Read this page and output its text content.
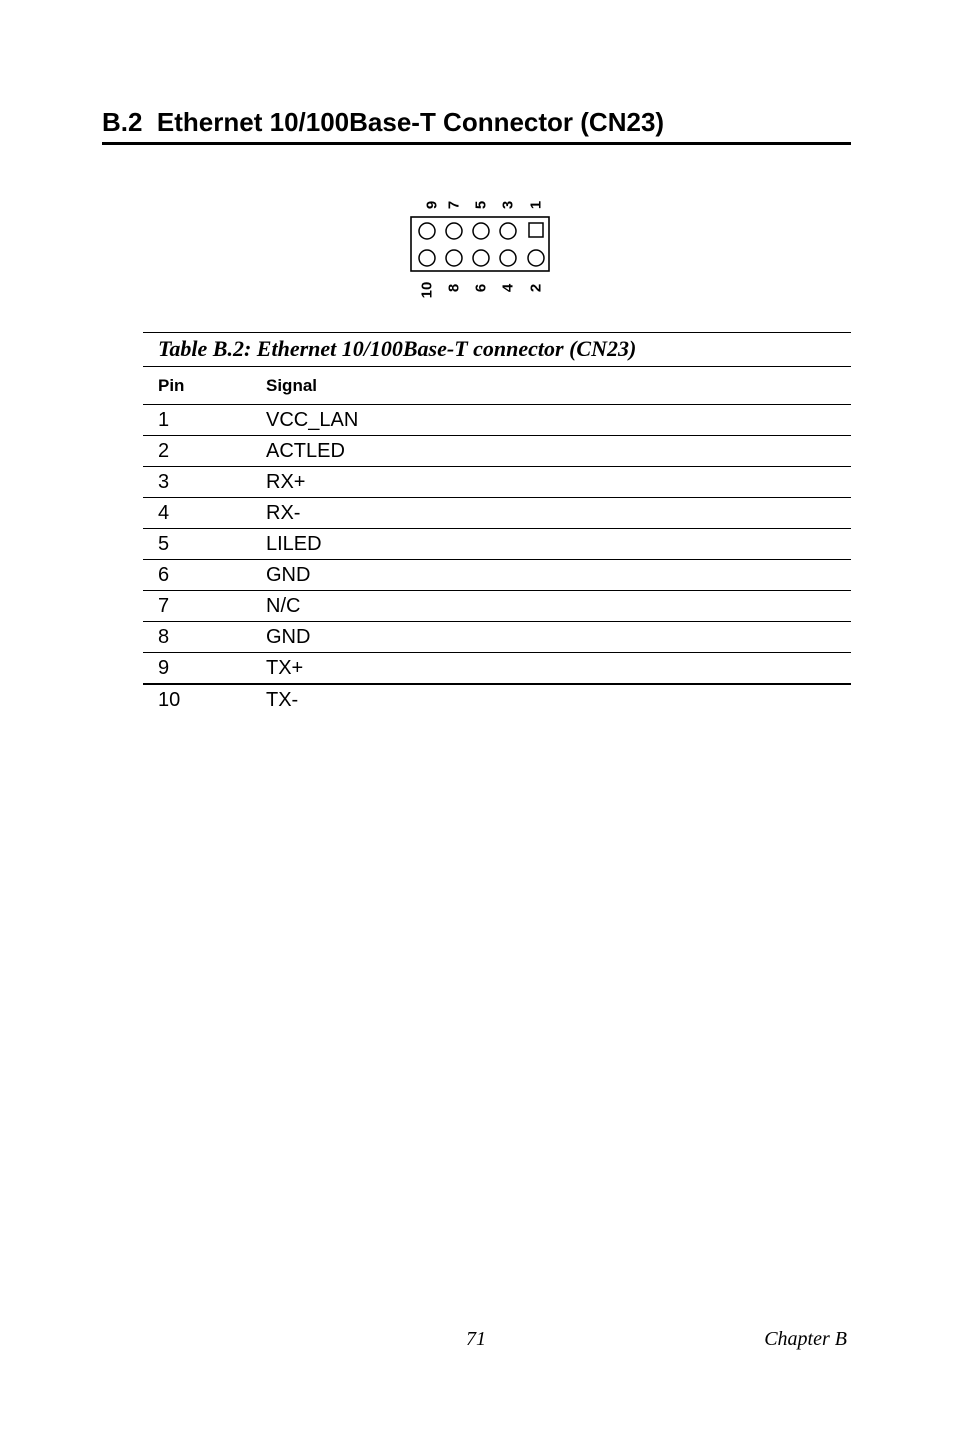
B.2 Ethernet 10/100Base-T Connector (CN23)
9 7 5 3 1
10 8 6 4 2
Table B.2: Ethernet 10/100Base-T connector (CN23)
Pin	Signal
1	VCC_LAN
2	ACTLED
3	RX+
4	RX-
5	LILED
6	GND
7	N/C
8	GND
9	TX+
10	TX-
71	Chapter B
